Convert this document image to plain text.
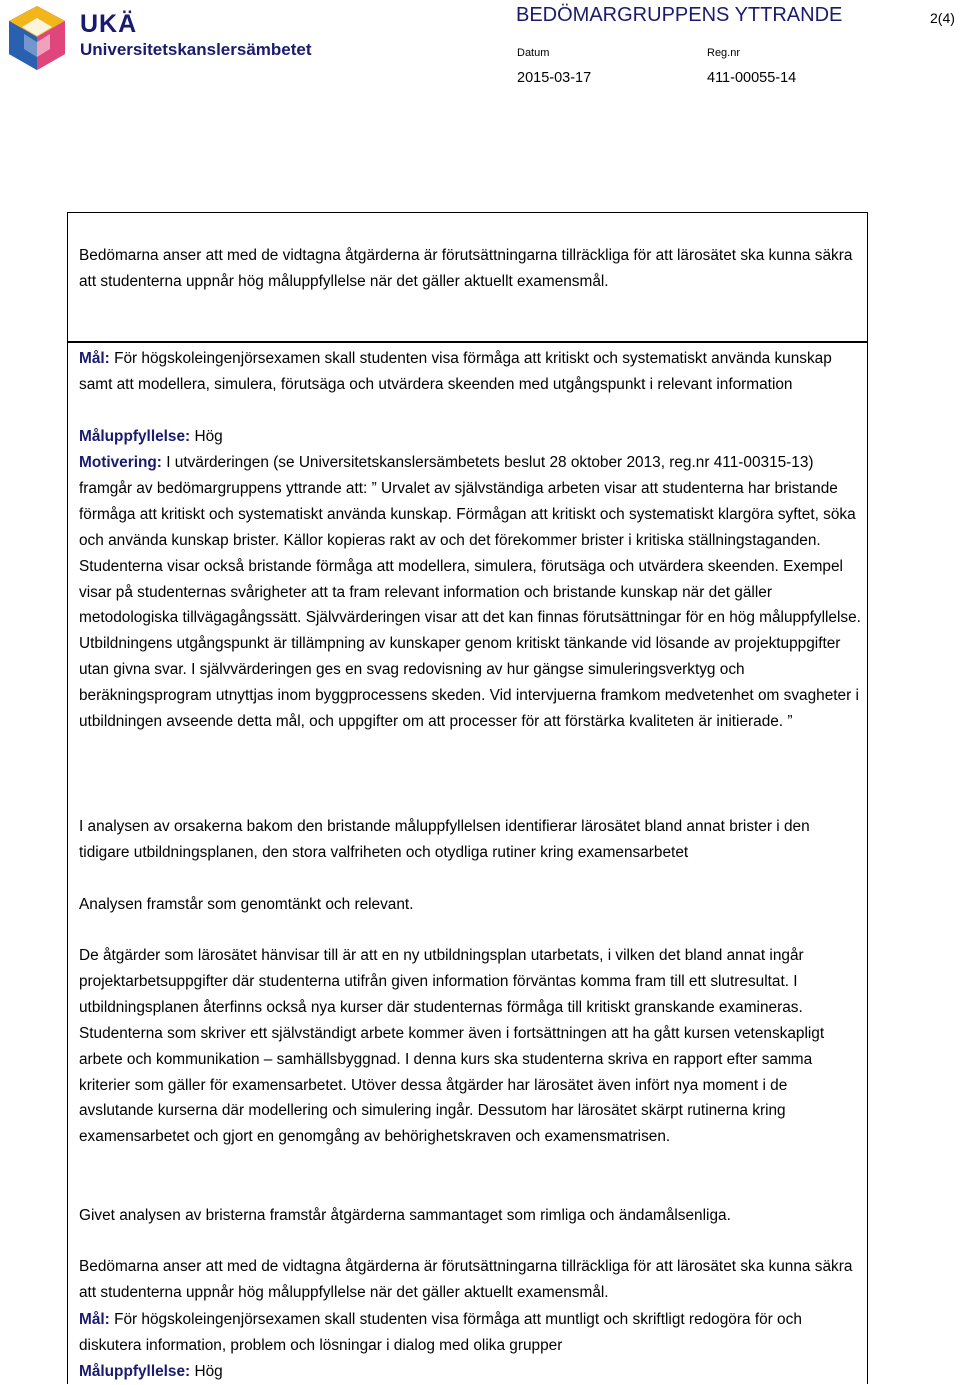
UKÄ
Universitetskanslersämbetet
BEDÖMARGRUPPENS YTTRANDE	2(4)
Datum	Reg.nr
2015-03-17	411-00055-14

Bedömarna anser att med de vidtagna åtgärderna är förutsättningarna tillräckliga för att lärosätet ska kunna säkra att studenterna uppnår hög måluppfyllelse när det gäller aktuellt examensmål.

Mål: För högskoleingenjörsexamen skall studenten visa förmåga att kritiskt och systematiskt använda kunskap samt att modellera, simulera, förutsäga och utvärdera skeenden med utgångspunkt i relevant information

Måluppfyllelse: Hög

Motivering: I utvärderingen (se Universitetskanslersämbetets beslut 28 oktober 2013, reg.nr 411-00315-13) framgår av bedömargruppens yttrande att: ” Urvalet av självständiga arbeten visar att studenterna har bristande förmåga att kritiskt och systematiskt använda kunskap. Förmågan att kritiskt och systematiskt klargöra syftet, söka och använda kunskap brister. Källor kopieras rakt av och det förekommer brister i kritiska ställningstaganden. Studenterna visar också bristande förmåga att modellera, simulera, förutsäga och utvärdera skeenden. Exempel visar på studenternas svårigheter att ta fram relevant information och bristande kunskap när det gäller metodologiska tillvägagångssätt. Självvärderingen visar att det kan finnas förutsättningar för en hög måluppfyllelse. Utbildningens utgångspunkt är tillämpning av kunskaper genom kritiskt tänkande vid lösande av projektuppgifter utan givna svar. I självvärderingen ges en svag redovisning av hur gängse simuleringsverktyg och beräkningsprogram utnyttjas inom byggprocessens skeden. Vid intervjuerna framkom medvetenhet om svagheter i utbildningen avseende detta mål, och uppgifter om att processer för att förstärka kvaliteten är initierade. ”

I analysen av orsakerna bakom den bristande måluppfyllelsen identifierar lärosätet bland annat brister i den tidigare utbildningsplanen, den stora valfriheten och otydliga rutiner kring examensarbetet

Analysen framstår som genomtänkt och relevant.

De åtgärder som lärosätet hänvisar till är att en ny utbildningsplan utarbetats, i vilken det bland annat ingår projektarbetsuppgifter där studenterna utifrån given information förväntas komma fram till ett slutresultat. I utbildningsplanen återfinns också nya kurser där studenternas förmåga till kritiskt granskande examineras. Studenterna som skriver ett självständigt arbete kommer även i fortsättningen att ha gått kursen vetenskapligt arbete och kommunikation – samhällsbyggnad. I denna kurs ska studenterna skriva en rapport efter samma kriterier som gäller för examensarbetet. Utöver dessa åtgärder har lärosätet även infört nya moment i de avslutande kurserna där modellering och simulering ingår. Dessutom har lärosätet skärpt rutinerna kring examensarbetet och gjort en genomgång av behörighetskraven och examensmatrisen.

Givet analysen av bristerna framstår åtgärderna sammantaget som rimliga och ändamålsenliga.

Bedömarna anser att med de vidtagna åtgärderna är förutsättningarna tillräckliga för att lärosätet ska kunna säkra att studenterna uppnår hög måluppfyllelse när det gäller aktuellt examensmål.

Mål: För högskoleingenjörsexamen skall studenten visa förmåga att muntligt och skriftligt redogöra för och diskutera information, problem och lösningar i dialog med olika grupper

Måluppfyllelse: Hög
